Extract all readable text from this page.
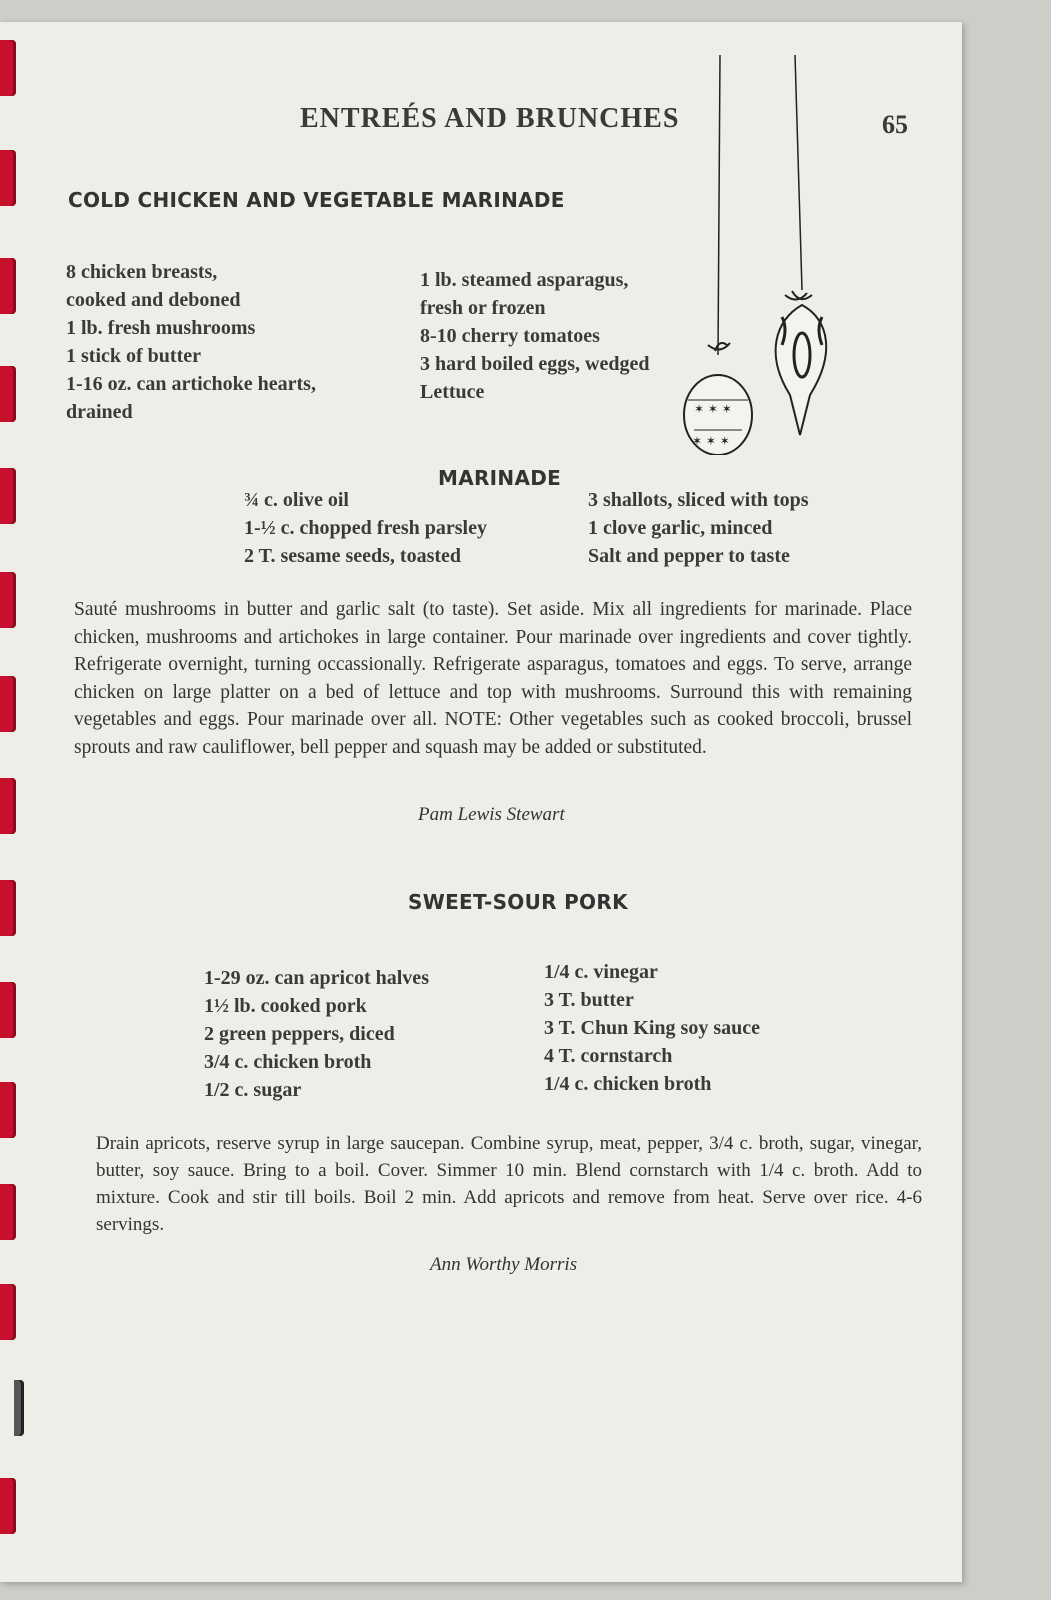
ENTREÉS AND BRUNCHES	65
✶ ✶ ✶
✶ ✶ ✶
COLD CHICKEN AND VEGETABLE MARINADE
8 chicken breasts,
cooked and deboned
1 lb. fresh mushrooms
1 stick of butter
1-16 oz. can artichoke hearts,
drained
1 lb. steamed asparagus,
fresh or frozen
8-10 cherry tomatoes
3 hard boiled eggs, wedged
Lettuce
MARINADE
¾ c. olive oil
1-½ c. chopped fresh parsley
2 T. sesame seeds, toasted
3 shallots, sliced with tops
1 clove garlic, minced
Salt and pepper to taste
Sauté mushrooms in butter and garlic salt (to taste). Set aside. Mix all ingredients for marinade. Place chicken, mushrooms and artichokes in large container. Pour marinade over ingredients and cover tightly. Refrigerate overnight, turning occassionally. Refrigerate asparagus, tomatoes and eggs. To serve, arrange chicken on large platter on a bed of lettuce and top with mushrooms. Surround this with remaining vegetables and eggs. Pour marinade over all. NOTE: Other vegetables such as cooked broccoli, brussel sprouts and raw cauliflower, bell pepper and squash may be added or substituted.
Pam Lewis Stewart
SWEET-SOUR PORK
1-29 oz. can apricot halves
1½ lb. cooked pork
2 green peppers, diced
3/4 c. chicken broth
1/2 c. sugar
1/4 c. vinegar
3 T. butter
3 T. Chun King soy sauce
4 T. cornstarch
1/4 c. chicken broth
Drain apricots, reserve syrup in large saucepan. Combine syrup, meat, pepper, 3/4 c. broth, sugar, vinegar, butter, soy sauce. Bring to a boil. Cover. Simmer 10 min. Blend cornstarch with 1/4 c. broth. Add to mixture. Cook and stir till boils. Boil 2 min. Add apricots and remove from heat. Serve over rice. 4-6 servings.
Ann Worthy Morris
